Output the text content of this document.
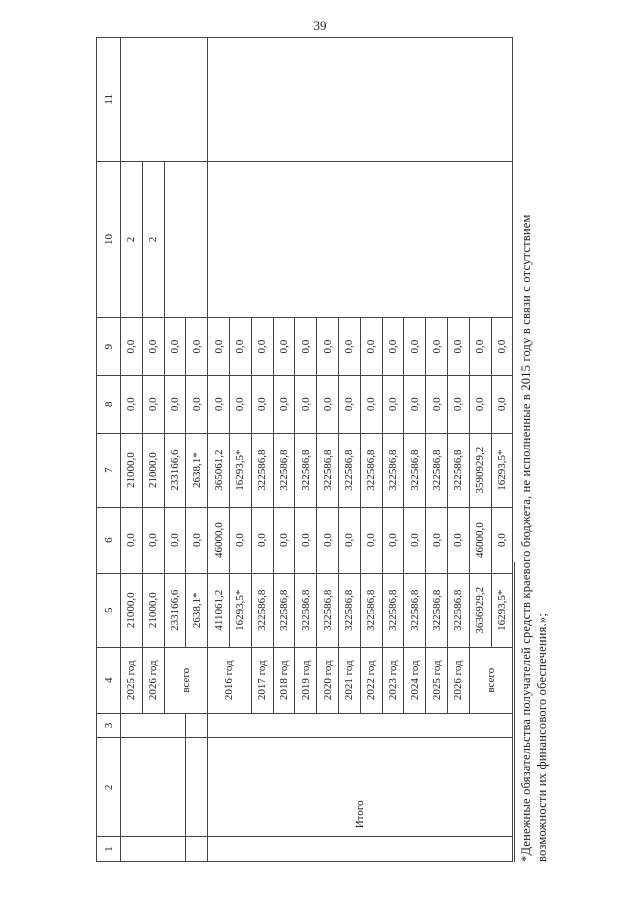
39
1	2	3	4	5	6	7	8	9	10	11
			2025 год	21000,0	0,0	21000,0	0,0	0,0	2	
			2026 год	21000,0	0,0	21000,0	0,0	0,0	2	
			всего	233166,6	0,0	233166,6	0,0	0,0		
				2638,1*	0,0	2638,1*	0,0	0,0		
	Итого		2016 год	411061,2	46000,0	365061,2	0,0	0,0		
				16293,5*	0,0	16293,5*	0,0	0,0		
			2017 год	322586,8	0,0	322586,8	0,0	0,0		
			2018 год	322586,8	0,0	322586,8	0,0	0,0		
			2019 год	322586,8	0,0	322586,8	0,0	0,0		
			2020 год	322586,8	0,0	322586,8	0,0	0,0		
			2021 год	322586,8	0,0	322586,8	0,0	0,0		
			2022 год	322586,8	0,0	322586,8	0,0	0,0		
			2023 год	322586,8	0,0	322586,8	0,0	0,0		
			2024 год	322586,8	0,0	322586,8	0,0	0,0		
			2025 год	322586,8	0,0	322586,8	0,0	0,0		
			2026 год	322586,8	0,0	322586,8	0,0	0,0		
			всего	3636929,2	46000,0	3590929,2	0,0	0,0		
				16293,5*	0,0	16293,5*	0,0	0,0		*Денежные обязательства получателей средств краевого бюджета, не исполненные в 2015 году в связи с отсутствием возможности их финансового обеспечения.»;
